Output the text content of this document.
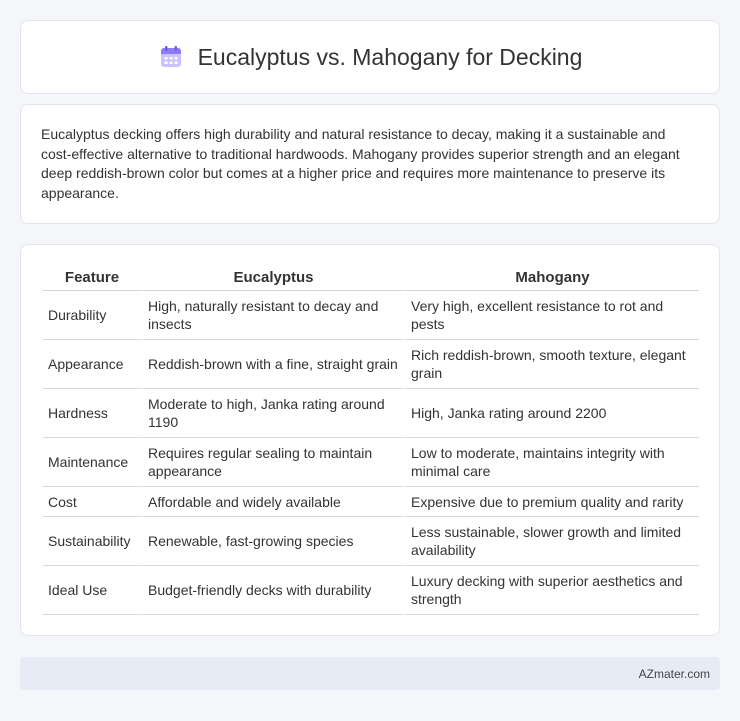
Eucalyptus vs. Mahogany for Decking

Eucalyptus decking offers high durability and natural resistance to decay, making it a sustainable and cost-effective alternative to traditional hardwoods. Mahogany provides superior strength and an elegant deep reddish-brown color but comes at a higher price and requires more maintenance to preserve its appearance.

Feature	Eucalyptus	Mahogany
Durability	High, naturally resistant to decay and insects	Very high, excellent resistance to rot and pests
Appearance	Reddish-brown with a fine, straight grain	Rich reddish-brown, smooth texture, elegant grain
Hardness	Moderate to high, Janka rating around 1190	High, Janka rating around 2200
Maintenance	Requires regular sealing to maintain appearance	Low to moderate, maintains integrity with minimal care
Cost	Affordable and widely available	Expensive due to premium quality and rarity
Sustainability	Renewable, fast-growing species	Less sustainable, slower growth and limited availability
Ideal Use	Budget-friendly decks with durability	Luxury decking with superior aesthetics and strength
AZmater.com
